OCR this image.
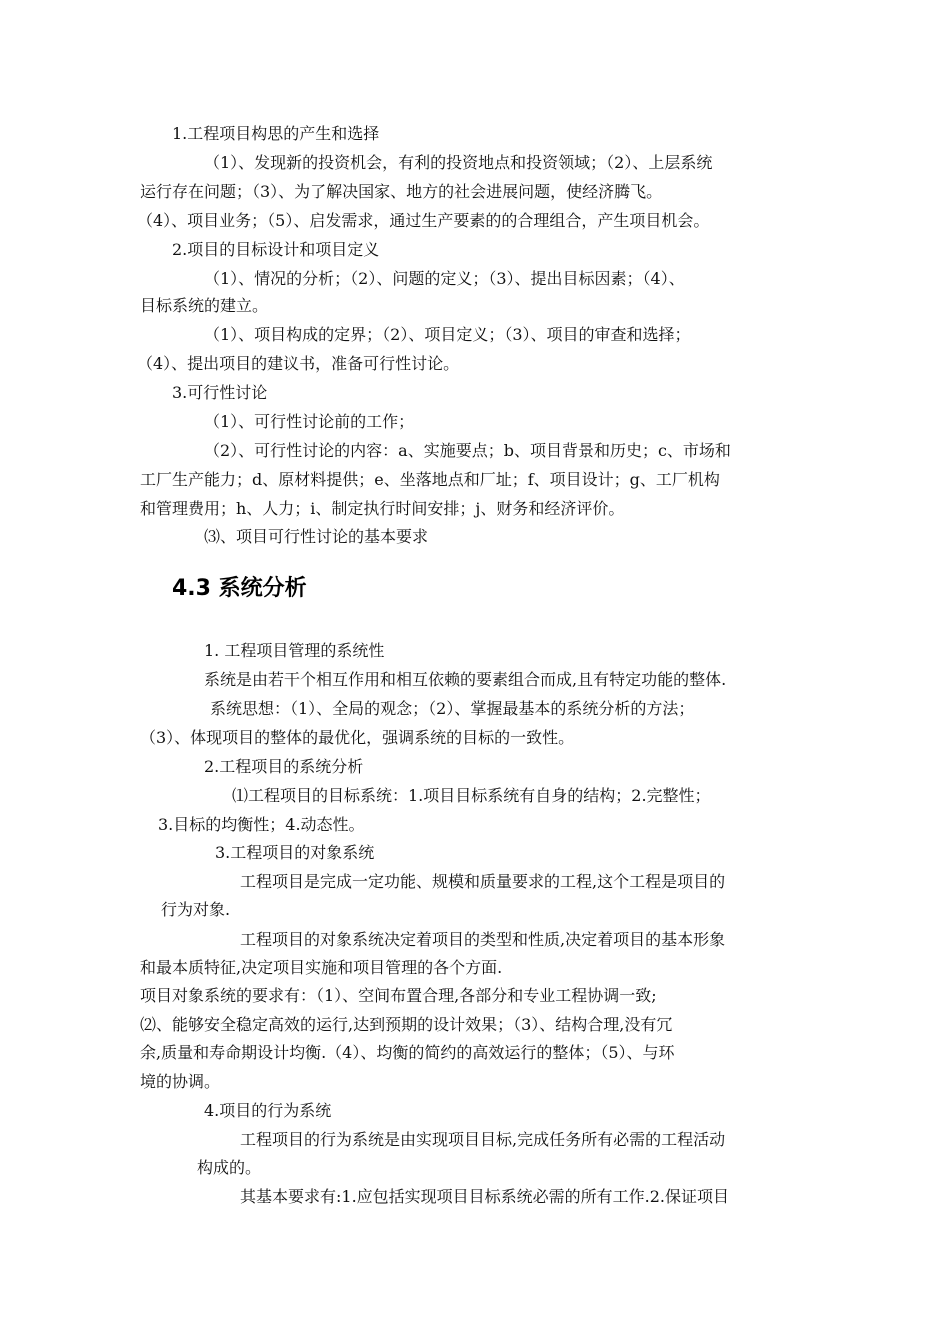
1.工程项目构思的产生和选择
（1）、发现新的投资机会，有利的投资地点和投资领域；（2）、上层系统
运行存在问题；（3）、为了解决国家、地方的社会进展问题，使经济腾飞。
（4）、项目业务；（5）、启发需求，通过生产要素的的合理组合，产生项目机会。
2.项目的目标设计和项目定义
（1）、情况的分析；（2）、问题的定义；（3）、提出目标因素；（4）、
目标系统的建立。
（1）、项目构成的定界；（2）、项目定义；（3）、项目的审查和选择；
（4）、提出项目的建议书，准备可行性讨论。
3.可行性讨论
（1）、可行性讨论前的工作；
（2）、可行性讨论的内容：a、实施要点；b、项目背景和历史；c、市场和
工厂生产能力；d、原材料提供；e、坐落地点和厂址；f、项目设计；g、工厂机构
和管理费用；h、人力；i、制定执行时间安排；j、财务和经济评价。
⑶、项目可行性讨论的基本要求
4.3 系统分析
1. 工程项目管理的系统性
系统是由若干个相互作用和相互依赖的要素组合而成,且有特定功能的整体.
系统思想：（1）、全局的观念；（2）、掌握最基本的系统分析的方法；
（3）、体现项目的整体的最优化，强调系统的目标的一致性。
2.工程项目的系统分析
⑴工程项目的目标系统：1.项目目标系统有自身的结构；2.完整性；
3.目标的均衡性；4.动态性。
3.工程项目的对象系统
工程项目是完成一定功能、规模和质量要求的工程,这个工程是项目的
行为对象.
工程项目的对象系统决定着项目的类型和性质,决定着项目的基本形象
和最本质特征,决定项目实施和项目管理的各个方面.
项目对象系统的要求有：（1）、空间布置合理,各部分和专业工程协调一致;
⑵、能够安全稳定高效的运行,达到预期的设计效果；（3）、结构合理,没有冗
余,质量和寿命期设计均衡.（4）、均衡的简约的高效运行的整体；（5）、与环
境的协调。
4.项目的行为系统
工程项目的行为系统是由实现项目目标,完成任务所有必需的工程活动
构成的。
其基本要求有:1.应包括实现项目目标系统必需的所有工作.2.保证项目
